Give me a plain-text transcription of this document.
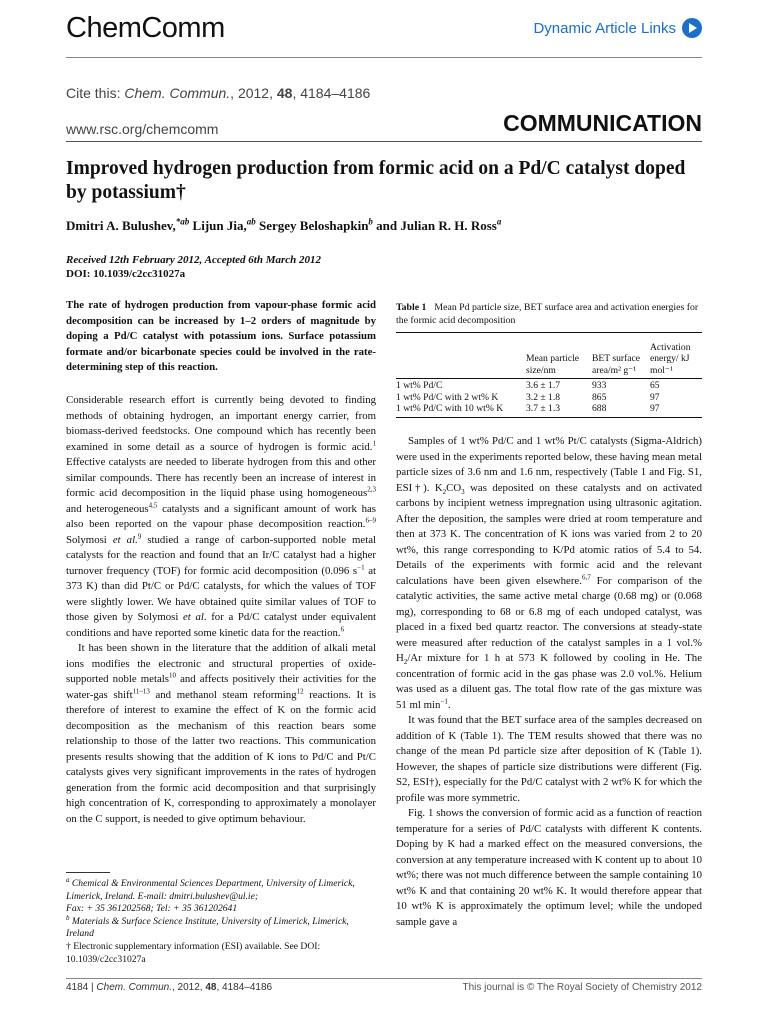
ChemComm	Dynamic Article Links
Cite this: Chem. Commun., 2012, 48, 4184–4186
www.rsc.org/chemcomm	COMMUNICATION
Improved hydrogen production from formic acid on a Pd/C catalyst doped by potassium†
Dmitri A. Bulushev,$^{*ab}$ Lijun Jia,$^{ab}$ Sergey Beloshapkin$^b$ and Julian R. H. Ross$^a$
Received 12th February 2012, Accepted 6th March 2012
DOI: 10.1039/c2cc31027a
The rate of hydrogen production from vapour-phase formic acid decomposition can be increased by 1–2 orders of magnitude by doping a Pd/C catalyst with potassium ions. Surface potassium formate and/or bicarbonate species could be involved in the rate-determining step of this reaction.

Considerable research effort is currently being devoted to finding methods of obtaining hydrogen, an important energy carrier, from biomass-derived feedstocks. One compound which has recently been examined in some detail as a source of hydrogen is formic acid.$^1$ Effective catalysts are needed to liberate hydrogen from this and other similar compounds. There has recently been an increase of interest in formic acid decomposition in the liquid phase using homogeneous$^{2,3}$ and heterogeneous$^{4,5}$ catalysts and a significant amount of work has also been reported on the vapour phase decomposition reaction.$^{6-9}$ Solymosi et al.$^9$ studied a range of carbon-supported noble metal catalysts for the reaction and found that an Ir/C catalyst had a higher turnover frequency (TOF) for formic acid decomposition (0.096 $s^{-1}$ at 373 K) than did Pt/C or Pd/C catalysts, for which the values of TOF were slightly lower. We have obtained quite similar values of TOF to those given by Solymosi et al. for a Pd/C catalyst under equivalent conditions and have reported some kinetic data for the reaction.$^6$

It has been shown in the literature that the addition of alkali metal ions modifies the electronic and structural properties of oxide-supported noble metals$^{10}$ and affects positively their activities for the water-gas shift$^{11-13}$ and methanol steam reforming$^{12}$ reactions. It is therefore of interest to examine the effect of K on the formic acid decomposition as the mechanism of this reaction bears some relationship to those of the latter two reactions. This communication presents results showing that the addition of K ions to Pd/C and Pt/C catalysts gives very significant improvements in the rates of hydrogen generation from the formic acid decomposition and that surprisingly high concentration of K, corresponding to approximately a monolayer on the C support, is needed to give optimum behaviour.

$^a$ Chemical & Environmental Sciences Department, University of Limerick, Limerick, Ireland. E-mail: dmitri.bulushev@ul.ie;
Fax: + 35 361202568; Tel: + 35 361202641
$^b$ Materials & Surface Science Institute, University of Limerick, Limerick, Ireland
† Electronic supplementary information (ESI) available. See DOI: 10.1039/c2cc31027a
Table 1 Mean Pd particle size, BET surface area and activation energies for the formic acid decomposition
	Mean particle size/nm	BET surface area/m² g⁻¹	Activation energy/ kJ mol⁻¹
1 wt% Pd/C	3.6 ± 1.7	933	65
1 wt% Pd/C with 2 wt% K	3.2 ± 1.8	865	97
1 wt% Pd/C with 10 wt% K	3.7 ± 1.3	688	97

Samples of 1 wt% Pd/C and 1 wt% Pt/C catalysts (Sigma-Aldrich) were used in the experiments reported below, these having mean metal particle sizes of 3.6 nm and 1.6 nm, respectively (Table 1 and Fig. S1, ESI†). $K_2CO_3$ was deposited on these catalysts and on activated carbons by incipient wetness impregnation using ultrasonic agitation. After the deposition, the samples were dried at room temperature and then at 373 K. The concentration of K ions was varied from 2 to 20 wt%, this range corresponding to K/Pd atomic ratios of 5.4 to 54. Details of the experiments with formic acid and the relevant calculations have been given elsewhere.$^{6,7}$ For comparison of the catalytic activities, the same active metal charge (0.68 mg) or (0.068 mg), corresponding to 68 or 6.8 mg of each undoped catalyst, was placed in a fixed bed quartz reactor. The conversions at steady-state were measured after reduction of the catalyst samples in a 1 vol.% $H_2/Ar$ mixture for 1 h at 573 K followed by cooling in He. The concentration of formic acid in the gas phase was 2.0 vol.%. Helium was used as a diluent gas. The total flow rate of the gas mixture was 51 ml $\min^{-1}$.

It was found that the BET surface area of the samples decreased on addition of K (Table 1). The TEM results showed that there was no change of the mean Pd particle size after deposition of K (Table 1). However, the shapes of particle size distributions were different (Fig. S2, ESI†), especially for the Pd/C catalyst with 2 wt% K for which the profile was more symmetric.

Fig. 1 shows the conversion of formic acid as a function of reaction temperature for a series of Pd/C catalysts with different K contents. Doping by K had a marked effect on the measured conversions, the conversion at any temperature increased with K content up to about 10 wt%; there was not much difference between the sample containing 10 wt% K and that containing 20 wt% K. It would therefore appear that 10 wt% K is approximately the optimum level; while the undoped sample gave a

4184 | Chem. Commun., 2012, 48, 4184–4186	This journal is © The Royal Society of Chemistry 2012
